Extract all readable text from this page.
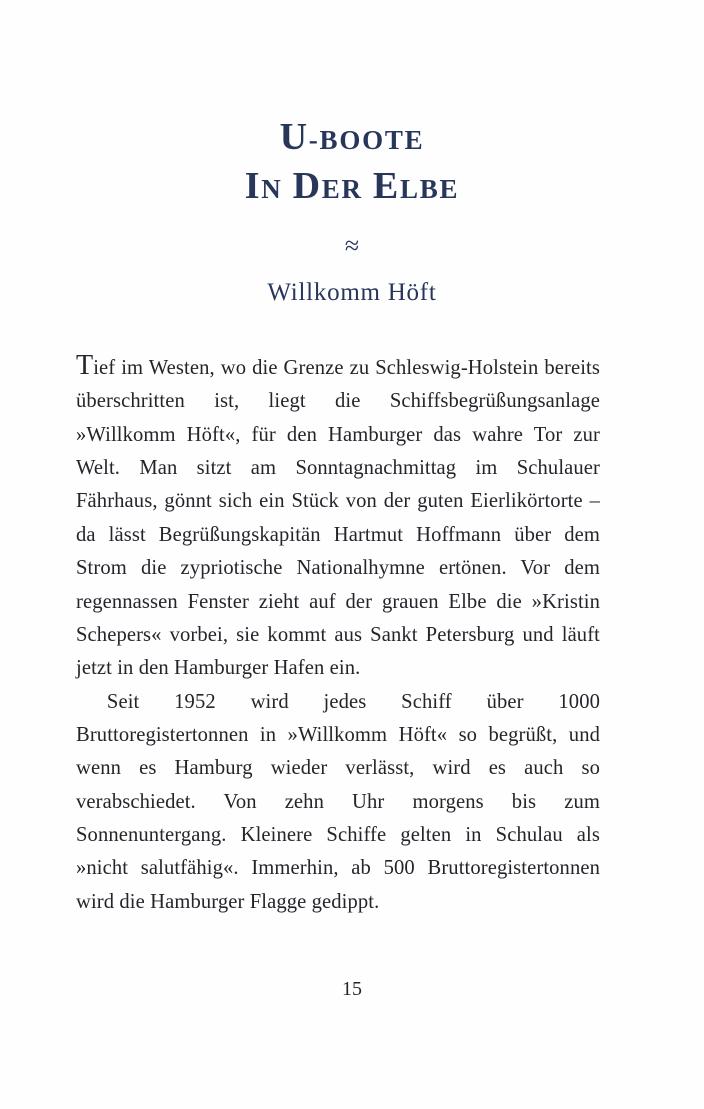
U-BOOTE
IN DER ELBE
≈
Willkomm Höft

Tief im Westen, wo die Grenze zu Schleswig-Holstein bereits überschritten ist, liegt die Schiffsbegrüßungsanlage »Willkomm Höft«, für den Hamburger das wahre Tor zur Welt. Man sitzt am Sonntagnachmittag im Schulauer Fährhaus, gönnt sich ein Stück von der guten Eierlikörtorte – da lässt Begrüßungskapitän Hartmut Hoffmann über dem Strom die zypriotische Nationalhymne ertönen. Vor dem regennassen Fenster zieht auf der grauen Elbe die »Kristin Schepers« vorbei, sie kommt aus Sankt Petersburg und läuft jetzt in den Hamburger Hafen ein.

Seit 1952 wird jedes Schiff über 1000 Bruttoregistertonnen in »Willkomm Höft« so begrüßt, und wenn es Hamburg wieder verlässt, wird es auch so verabschiedet. Von zehn Uhr morgens bis zum Sonnenuntergang. Kleinere Schiffe gelten in Schulau als »nicht salutfähig«. Immerhin, ab 500 Bruttoregistertonnen wird die Hamburger Flagge gedippt.

15
